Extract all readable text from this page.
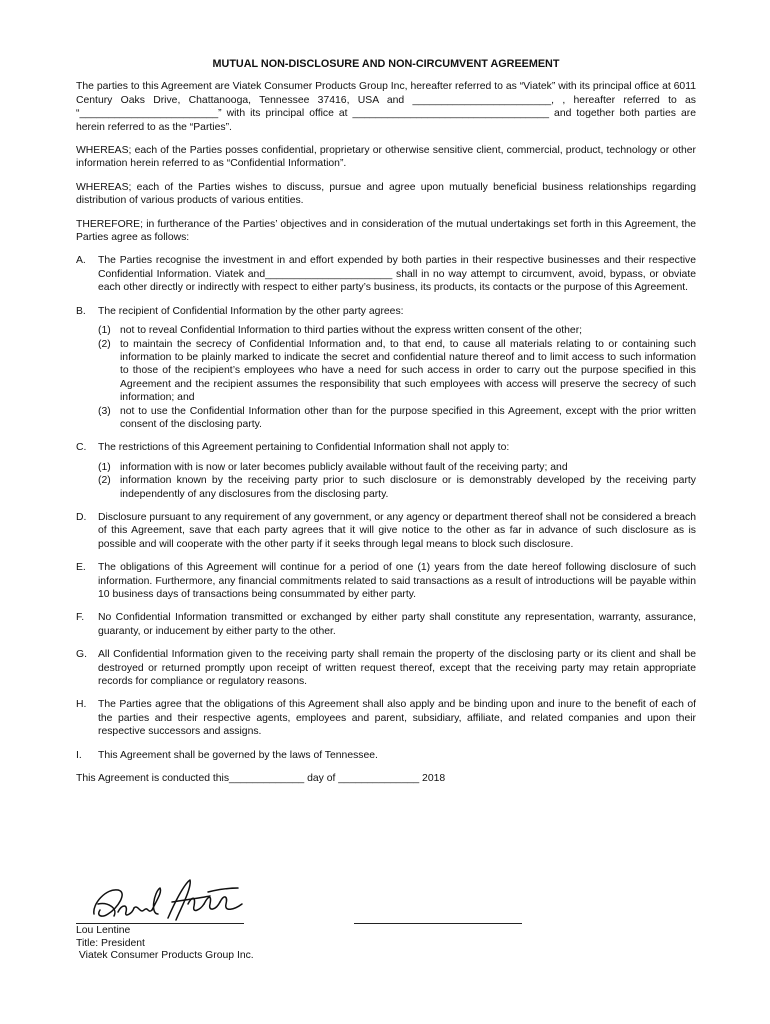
MUTUAL NON-DISCLOSURE AND NON-CIRCUMVENT AGREEMENT
The parties to this Agreement are Viatek Consumer Products Group Inc, hereafter referred to as “Viatek” with its principal office at 6011 Century Oaks Drive, Chattanooga, Tennessee 37416, USA and ________________________, , hereafter referred to as “________________________” with its principal office at __________________________________ and together both parties are herein referred to as the “Parties”.
WHEREAS; each of the Parties posses confidential, proprietary or otherwise sensitive client, commercial, product, technology or other information herein referred to as “Confidential Information”.
WHEREAS; each of the Parties wishes to discuss, pursue and agree upon mutually beneficial business relationships regarding distribution of various products of various entities.
THEREFORE; in furtherance of the Parties’ objectives and in consideration of the mutual undertakings set forth in this Agreement, the Parties agree as follows:
A.	The Parties recognise the investment in and effort expended by both parties in their respective businesses and their respective Confidential Information. Viatek and______________________ shall in no way attempt to circumvent, avoid, bypass, or obviate each other directly or indirectly with respect to either party’s business, its products, its contacts or the purpose of this Agreement.
B.	The recipient of Confidential Information by the other party agrees:
(1) not to reveal Confidential Information to third parties without the express written consent of the other;
(2) to maintain the secrecy of Confidential Information and, to that end, to cause all materials relating to or containing such information to be plainly marked to indicate the secret and confidential nature thereof and to limit access to such information to those of the recipient’s employees who have a need for such access in order to carry out the purpose specified in this Agreement and the recipient assumes the responsibility that such employees with access will preserve the secrecy of such information; and
(3) not to use the Confidential Information other than for the purpose specified in this Agreement, except with the prior written consent of the disclosing party.
C.	The restrictions of this Agreement pertaining to Confidential Information shall not apply to:
(1) information with is now or later becomes publicly available without fault of the receiving party; and
(2) information known by the receiving party prior to such disclosure or is demonstrably developed by the receiving party independently of any disclosures from the disclosing party.
D.	Disclosure pursuant to any requirement of any government, or any agency or department thereof shall not be considered a breach of this Agreement, save that each party agrees that it will give notice to the other as far in advance of such disclosure as is possible and will cooperate with the other party if it seeks through legal means to block such disclosure.
E.	The obligations of this Agreement will continue for a period of one (1) years from the date hereof following disclosure of such information. Furthermore, any financial commitments related to said transactions as a result of introductions will be payable within 10 business days of transactions being consummated by either party.
F.	No Confidential Information transmitted or exchanged by either party shall constitute any representation, warranty, assurance, guaranty, or inducement by either party to the other.
G.	All Confidential Information given to the receiving party shall remain the property of the disclosing party or its client and shall be destroyed or returned promptly upon receipt of written request thereof, except that the receiving party may retain appropriate records for compliance or regulatory reasons.
H.	The Parties agree that the obligations of this Agreement shall also apply and be binding upon and inure to the benefit of each of the parties and their respective agents, employees and parent, subsidiary, affiliate, and related companies and upon their respective successors and assigns.
I.	This Agreement shall be governed by the laws of Tennessee.
This Agreement is conducted this_____________ day of ______________ 2018
Lou Lentine
Title: President
Viatek Consumer Products Group Inc.
